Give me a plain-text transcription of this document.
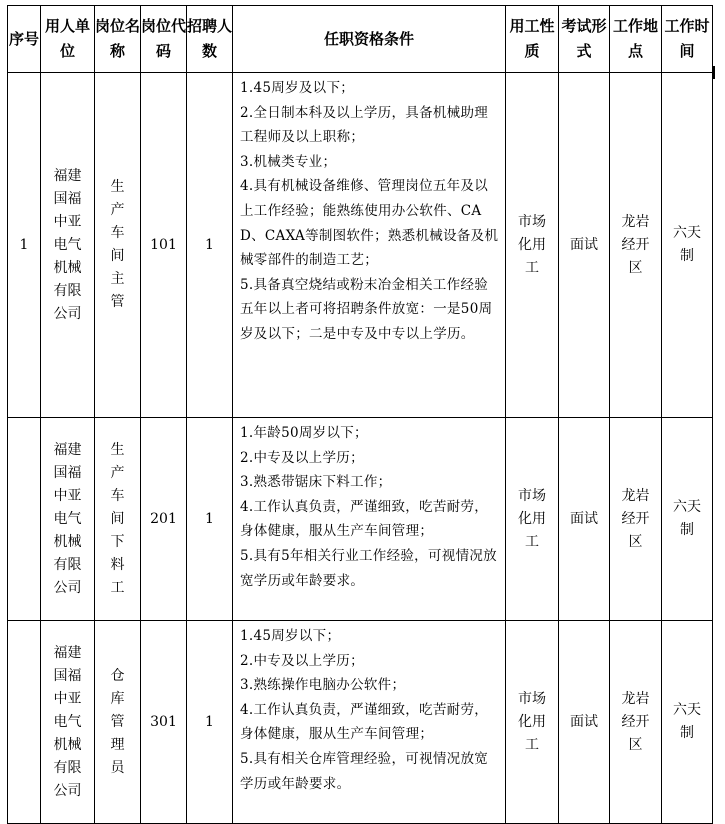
序号	用人单位	岗位名称	岗位代码	招聘人数	任职资格条件	用工性质	考试形式	工作地点	工作时间
1	福建国福中亚电气机械有限公司	生产车间主管	101	1	1.45周岁及以下；
2.全日制本科及以上学历，具备机械助理工程师及以上职称；
3.机械类专业；
4.具有机械设备维修、管理岗位五年及以上工作经验；能熟练使用办公软件、CAD、CAXA等制图软件；熟悉机械设备及机械零部件的制造工艺；
5.具备真空烧结或粉末冶金相关工作经验五年以上者可将招聘条件放宽：一是50周岁及以下；二是中专及中专以上学历。	市场化用工	面试	龙岩经开区	六天制
	福建国福中亚电气机械有限公司	生产车间下料工	201	1	1.年龄50周岁以下；
2.中专及以上学历；
3.熟悉带锯床下料工作；
4.工作认真负责，严谨细致，吃苦耐劳，身体健康，服从生产车间管理；
5.具有5年相关行业工作经验，可视情况放宽学历或年龄要求。	市场化用工	面试	龙岩经开区	六天制
	福建国福中亚电气机械有限公司	仓库管理员	301	1	1.45周岁以下；
2.中专及以上学历；
3.熟练操作电脑办公软件；
4.工作认真负责，严谨细致，吃苦耐劳，身体健康，服从生产车间管理；
5.具有相关仓库管理经验，可视情况放宽学历或年龄要求。	市场化用工	面试	龙岩经开区	六天制
